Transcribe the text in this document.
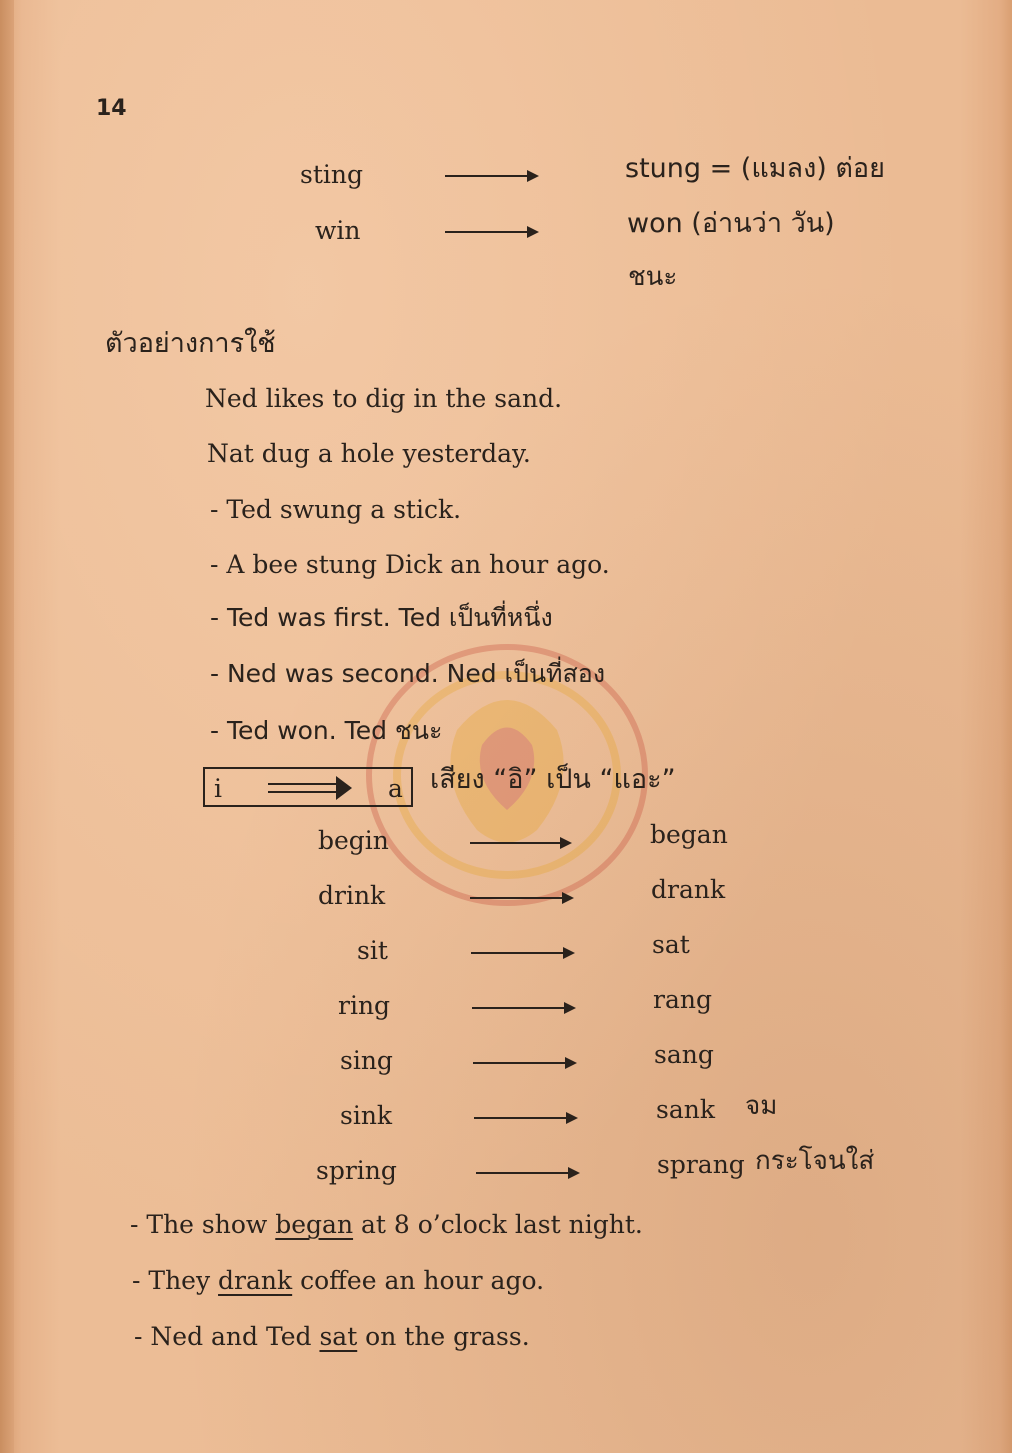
14
sting	stung = (แมลง) ต่อย
win	won (อ่านว่า วัน)
ชนะ
ตัวอย่างการใช้
Ned likes to dig in the sand.
Nat dug a hole yesterday.
- Ted swung a stick.
- A bee stung Dick an hour ago.
- Ted was first. Ted เป็นที่หนึ่ง
- Ned was second. Ned เป็นที่สอง
- Ted won. Ted ชนะ
i	a เสียง “อิ” เป็น “แอะ”
begin	began
drink	drank
sit	sat
ring	rang
sing	sang
sink	sank จม
spring	sprang กระโจนใส่
- The show began at 8 o’clock last night.
- They drank coffee an hour ago.
- Ned and Ted sat on the grass.
